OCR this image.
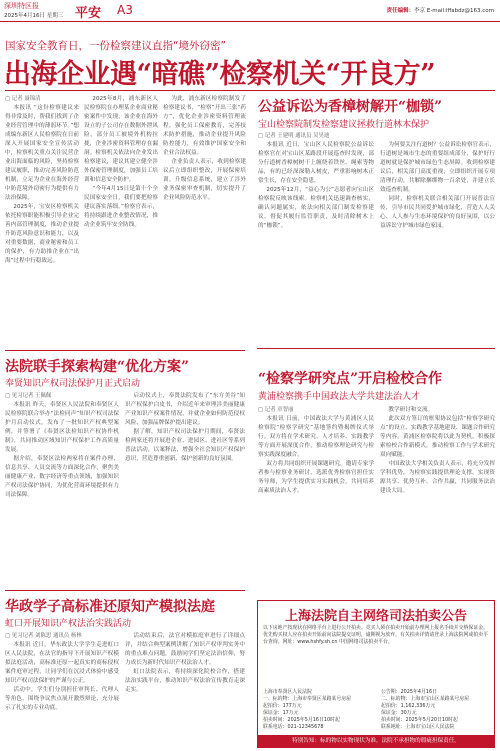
深圳特区报
2025年4月16日 星期三 平安 A3	责任编辑：李京 E-mail:lffabdz@163.com
国家安全教育日，一份检察建议直指“境外窃密”
出海企业遇“暗礁”检察机关“开良方”
▢ 记者 聂锦清

本报讯 “这份检察建议来得非常及时，帮我们找到了企业经营管理中的薄弱环节。”想成编东新区人民检察院在日前深入开展国家安全宣传活动中，检察机关重点关注民营企业出海面临的风险，坚持检察建议履职，推动完善风险防范机制，立足为企业在海外经营中防范境外窃密行为提供有力法治保障。

2025年，宝安区检察机关依托检察职能积极引导企业完善内部管理制度，推动企业提升防范风险意识和能力，以及对重要数据、商业秘密和员工的保护，有力助推企业在“出海”过程中行稳致远。

2025年8月，浦东新区人民检察院在办理某企业商业秘密案件中发现，该企业在海外设立的子公司存在数据外泄风险，部分员工被境外机构拉拢，企业涉密资料管理存在漏洞。检察机关依法向企业发出检察建议，建议其建立健全涉外保密管理制度，加强员工培训和信息安全防护。

“今年4月15日是第十个全民国家安全日，我们要把检察建议落实落细。”检察官表示，将持续跟进企业整改情况，推动企业筑牢安全防线。

为此，浦东新区检察院制发了检察建议书，“检察”开出三张“药方”，优化企业涉密资料管理流程，强化员工保密教育，完善技术防护措施，推动企业提升风险防控能力，有效维护国家安全和企业合法权益。

企业负责人表示，收到检察建议后立即组织整改，开展保密培训，升级信息系统，建立了涉外业务保密审查机制，切实提升了企业风险防范水平。

公益诉讼为香樟树解开“枷锁”
宝山检察院制发检察建议拯救行道林木保护
▢ 记者 王建明 通讯员 吴昊迪

本报讯 近日，宝山区人民检察院公益诉讼检察官在对宝山区某路段开展巡查时发现，部分行道树香樟树树干上缠绕着铁丝、绳索等物品，有的已经深深勒入树皮，严重影响树木正常生长，存在安全隐患。

2025年12月，“益心为公”志愿者向宝山区检察院反映该线索。检察机关迅速调查核实，确认问题属实，依法向相关部门制发检察建议，督促其履行监管职责，及时清除树木上的“枷锁”。

为何要关注行道树？公益诉讼检察官表示，行道树是城市生态的重要组成部分，保护好行道树就是保护城市绿色生态屏障。收到检察建议后，相关部门高度重视，立即组织开展专项清理行动，共解除捆绑物一百余处，并建立长效巡查机制。

同时，检察机关联合相关部门开展普法宣传，引导市民共同爱护城市绿化，营造人人关心、人人参与生态环境保护的良好氛围，以公益诉讼守护城市绿色家园。

法院联手探索构建“优化方案”
奉贤知识产权司法保护月正式启动
▢ 见习记者 王佩佩

本报讯 昨天，奉贤区人民法院和奉贤区人民检察院联合举办“法检同声”知识产权司法保护月启动仪式，发布了一批知识产权典型案例，并签署了《奉贤区法检知识产权协作机制》，共同推动区域知识产权保护工作高质量发展。

据介绍，奉贤区法检两家将在案件办理、信息共享、人员交流等方面深化合作，聚焦美丽健康产业、数字经济等重点领域，加强知识产权司法保护协同，为优化营商环境提供有力司法保障。

启动仪式上，奉贤法院发布了“东方美谷”知识产权保护白皮书，介绍近年来审理涉美丽健康产业知识产权案件情况，并就企业如何防范侵权风险、加强品牌保护提出建议。

据了解，知识产权司法保护月期间，奉贤法检两家还将开展进企业、进园区、进社区等系列普法活动，以案释法，增强全社会知识产权保护意识，营造尊重创新、保护创新的良好氛围。

“检察学研究点”开启检校合作
黄浦检察携手中国政法大学共建法治人才
▢ 记者 章智丽

本报讯 日前，中国政法大学与黄浦区人民检察院“检察学研究”基地签约暨揭牌仪式举行。双方将在学术研究、人才培养、实践教学等方面开展深度合作，推动检察理论研究与检察实践深度融合。

双方将共同组织开展课题研究，邀请专家学者参与检察业务研讨，选派优秀检察官担任实务导师，为学生提供实习实践机会，共同培养高素质法治人才。

教学研讨和交流。

此次双方签订的框架协议包括“检察学研究点”的设立、实践教学基地建设、课题合作研究等内容。黄浦区检察院将以此为契机，积极探索检校合作新模式，推动检察工作与学术研究双向赋能。

中国政法大学相关负责人表示，将充分发挥学科优势，为检察实践提供理论支撑，实现资源共享、优势互补、合作共赢，共同服务法治建设大局。

华政学子高标准还原知产模拟法庭
虹口开展知识产权法治实践活动
▢ 见习记者 刘陈思 通讯员 杨林

本报讯 近日，华东政法大学学生走进虹口区人民法院，在法官的指导下开展知识产权模拟法庭活动，高标准还原一起真实的商标侵权案件庭审过程，让同学们在沉浸式体验中感受知识产权司法保护的严谨与公正。

活动中，学生们分别担任审判长、代理人等角色，围绕争议焦点展开激烈辩论，充分展示了扎实的专业功底。

活动结束后，法官对模拟庭审进行了详细点评，并结合典型案例讲解了知识产权审判实务中的重点难点问题，鼓励同学们坚定法治信仰，努力成长为新时代知识产权法治人才。

虹口法院表示，将持续深化院校合作，搭建法治实践平台，推动知识产权法治宣传教育走深走实。

上海法院自主网络司法拍卖公告
以下房地产按现状在网络平台上进行公开拍卖。竞买人须在拍卖开始前办理网上报名手续并交纳保证金。优先购买权人应在拍卖开始前向法院提交证明，逾期视为放弃。有关拍卖详情请登录上海法院网或拍卖平台查询。网址：www.hshfy.sh.cn 中国网络司法拍卖平台。
上海市奉贤区人民法院
一、标的物：上海市奉贤区某路某号房屋
起拍价：177万元
保证金：17万元
拍卖时间：2025年5月16日10时起
联系电话：021-12345678
公告期：2025年4月16日
二、标的物：上海市宝山区某路某号房屋
起拍价：1,162,336万元
保证金：30万元
拍卖时间：2025年5月20日10时起
联系地址：上海市宝山区人民法院
特别告知：标的物以实物现状为准，法院不承担物的瑕疵担保责任。
